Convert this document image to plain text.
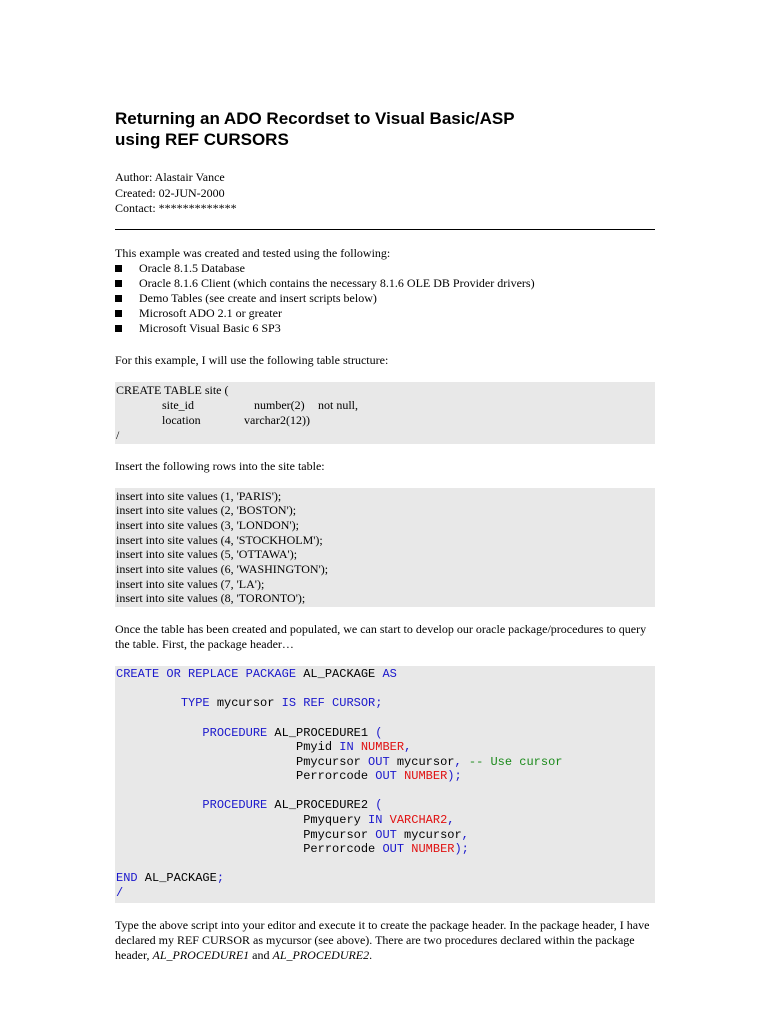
Returning an ADO Recordset to Visual Basic/ASP
using REF CURSORS
Author: Alastair Vance
Created: 02-JUN-2000
Contact: *************
This example was created and tested using the following:
Oracle 8.1.5 Database
Oracle 8.1.6 Client (which contains the necessary 8.1.6 OLE DB Provider drivers)
Demo Tables (see create and insert scripts below)
Microsoft ADO 2.1 or greater
Microsoft Visual Basic 6 SP3
For this example, I will use the following table structure:
CREATE TABLE site (
site_id	number(2) not null,
location	varchar2(12))
/
Insert the following rows into the site table:
insert into site values (1, 'PARIS');
insert into site values (2, 'BOSTON');
insert into site values (3, 'LONDON');
insert into site values (4, 'STOCKHOLM');
insert into site values (5, 'OTTAWA');
insert into site values (6, 'WASHINGTON');
insert into site values (7, 'LA');
insert into site values (8, 'TORONTO');
Once the table has been created and populated, we can start to develop our oracle package/procedures to query the table. First, the package header…
CREATE OR REPLACE PACKAGE AL_PACKAGE AS

TYPE mycursor IS REF CURSOR;

PROCEDURE AL_PROCEDURE1 (
Pmyid IN NUMBER,
Pmycursor OUT mycursor, -- Use cursor
Perrorcode OUT NUMBER);

PROCEDURE AL_PROCEDURE2 (
Pmyquery IN VARCHAR2,
Pmycursor OUT mycursor,
Perrorcode OUT NUMBER);

END AL_PACKAGE;
/
Type the above script into your editor and execute it to create the package header. In the package header, I have declared my REF CURSOR as mycursor (see above). There are two procedures declared within the package header, AL_PROCEDURE1 and AL_PROCEDURE2.
